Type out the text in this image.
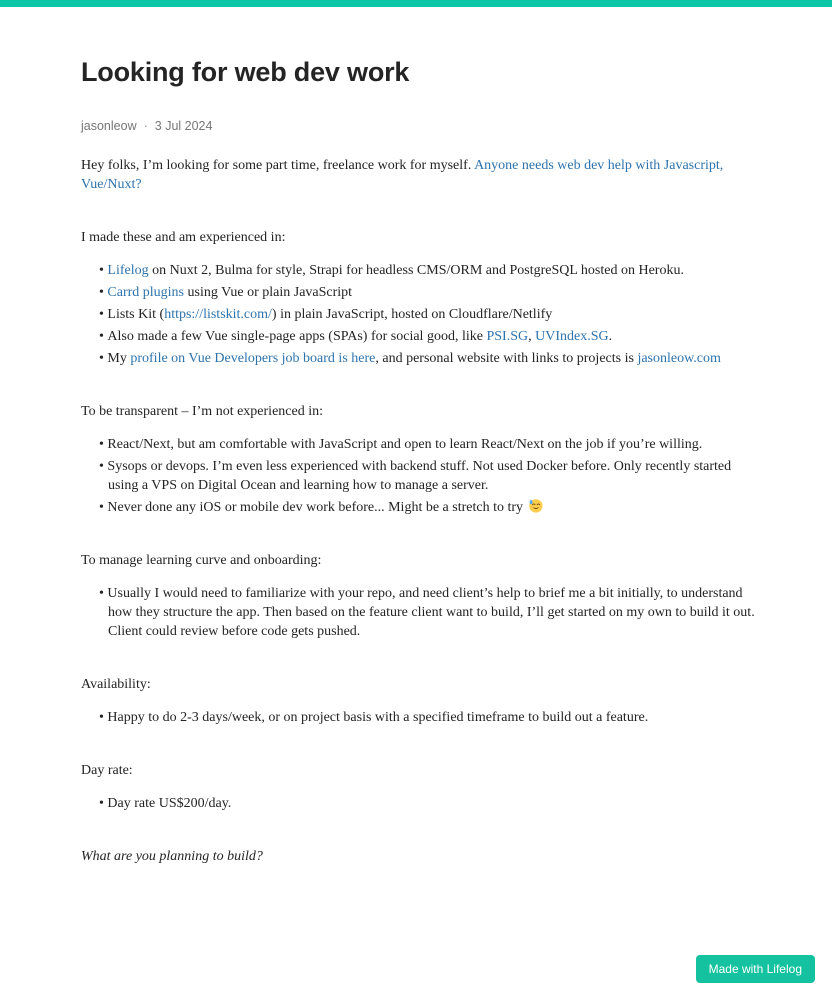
Looking for web dev work
jasonleow · 3 Jul 2024

Hey folks, I’m looking for some part time, freelance work for myself. Anyone needs web dev help with Javascript, Vue/Nuxt?

I made these and am experienced in:

• Lifelog on Nuxt 2, Bulma for style, Strapi for headless CMS/ORM and PostgreSQL hosted on Heroku.
• Carrd plugins using Vue or plain JavaScript
• Lists Kit (https://listskit.com/) in plain JavaScript, hosted on Cloudflare/Netlify
• Also made a few Vue single-page apps (SPAs) for social good, like PSI.SG, UVIndex.SG.
• My profile on Vue Developers job board is here, and personal website with links to projects is jasonleow.com

To be transparent – I’m not experienced in:

• React/Next, but am comfortable with JavaScript and open to learn React/Next on the job if you’re willing.
• Sysops or devops. I’m even less experienced with backend stuff. Not used Docker before. Only recently started using a VPS on Digital Ocean and learning how to manage a server.
• Never done any iOS or mobile dev work before... Might be a stretch to try

To manage learning curve and onboarding:

• Usually I would need to familiarize with your repo, and need client’s help to brief me a bit initially, to understand how they structure the app. Then based on the feature client want to build, I’ll get started on my own to build it out. Client could review before code gets pushed.

Availability:

• Happy to do 2-3 days/week, or on project basis with a specified timeframe to build out a feature.

Day rate:

• Day rate US$200/day.

What are you planning to build?

Made with Lifelog
